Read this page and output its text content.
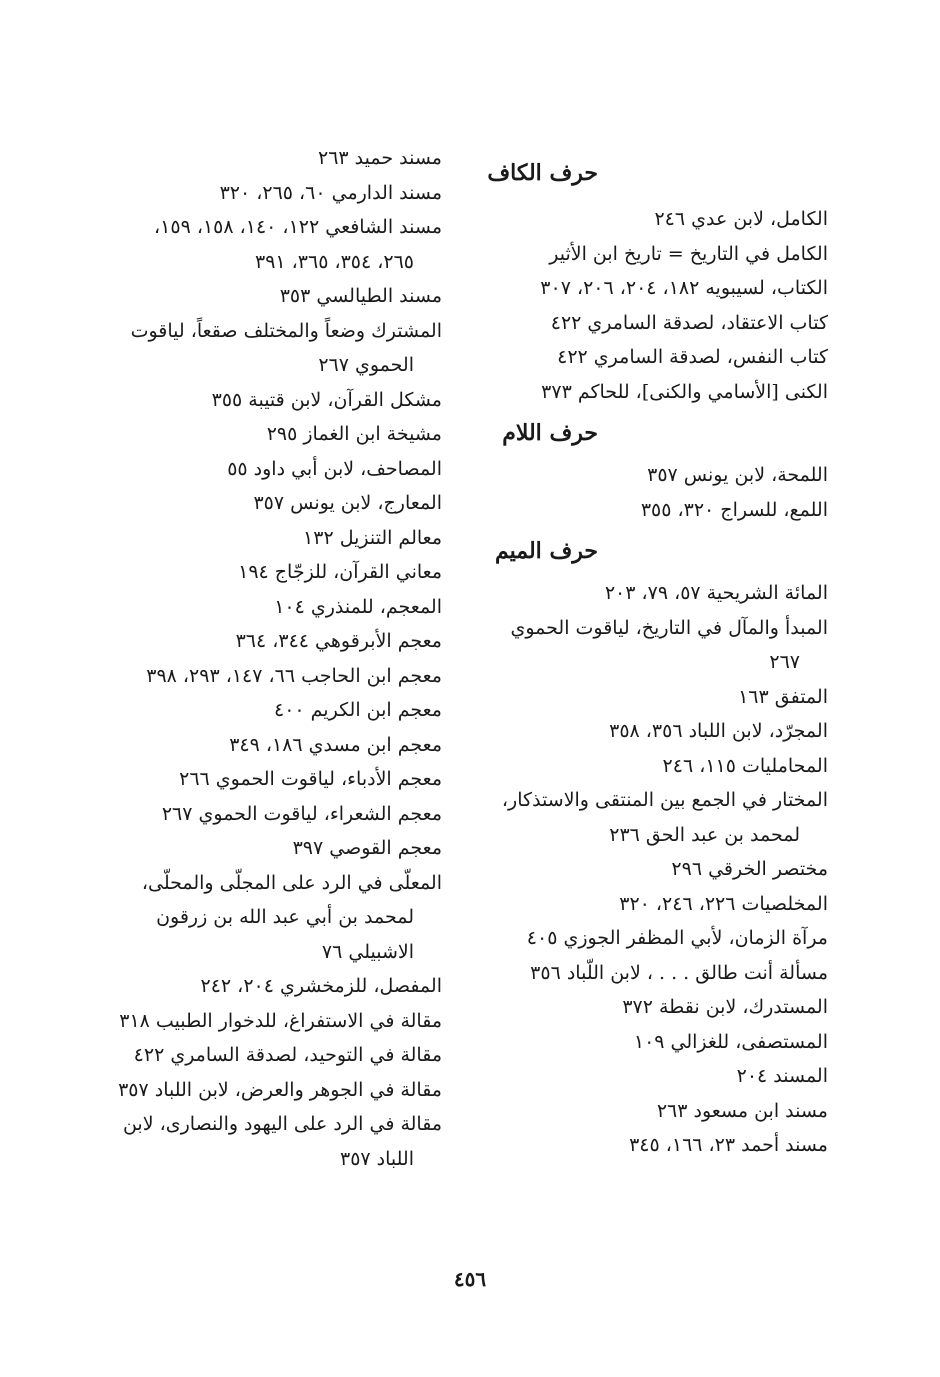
حرف الكاف

الكامل، لابن عدي ٢٤٦

الكامل في التاريخ = تاريخ ابن الأثير

الكتاب، لسيبويه ١٨٢، ٢٠٤، ٢٠٦، ٣٠٧

كتاب الاعتقاد، لصدقة السامري ٤٢٢

كتاب النفس، لصدقة السامري ٤٢٢

الكنى [الأسامي والكنى]، للحاكم ٣٧٣

حرف اللام

اللمحة، لابن يونس ٣٥٧

اللمع، للسراج ٣٢٠، ٣٥٥

حرف الميم

المائة الشريحية ٥٧، ٧٩، ٢٠٣

المبدأ والمآل في التاريخ، لياقوت الحموي

٢٦٧

المتفق ١٦٣

المجرّد، لابن اللباد ٣٥٦، ٣٥٨

المحامليات ١١٥، ٢٤٦

المختار في الجمع بين المنتقى والاستذكار،

لمحمد بن عبد الحق ٢٣٦

مختصر الخرقي ٢٩٦

المخلصيات ٢٢٦، ٢٤٦، ٣٢٠

مرآة الزمان، لأبي المظفر الجوزي ٤٠٥

مسألة أنت طالق . . . ، لابن اللّباد ٣٥٦

المستدرك، لابن نقطة ٣٧٢

المستصفى، للغزالي ١٠٩

المسند ٢٠٤

مسند ابن مسعود ٢٦٣

مسند أحمد ٢٣، ١٦٦، ٣٤٥

مسند حميد ٢٦٣

مسند الدارمي ٦٠، ٢٦٥، ٣٢٠

مسند الشافعي ١٢٢، ١٤٠، ١٥٨، ١٥٩،

٢٦٥، ٣٥٤، ٣٦٥، ٣٩١

مسند الطيالسي ٣٥٣

المشترك وضعاً والمختلف صقعاً، لياقوت

الحموي ٢٦٧

مشكل القرآن، لابن قتيبة ٣٥٥

مشيخة ابن الغماز ٢٩٥

المصاحف، لابن أبي داود ٥٥

المعارج، لابن يونس ٣٥٧

معالم التنزيل ١٣٢

معاني القرآن، للزجّاج ١٩٤

المعجم، للمنذري ١٠٤

معجم الأبرقوهي ٣٤٤، ٣٦٤

معجم ابن الحاجب ٦٦، ١٤٧، ٢٩٣، ٣٩٨

معجم ابن الكريم ٤٠٠

معجم ابن مسدي ١٨٦، ٣٤٩

معجم الأدباء، لياقوت الحموي ٢٦٦

معجم الشعراء، لياقوت الحموي ٢٦٧

معجم القوصي ٣٩٧

المعلّى في الرد على المجلّى والمحلّى،

لمحمد بن أبي عبد الله بن زرقون

الاشبيلي ٧٦

المفصل، للزمخشري ٢٠٤، ٢٤٢

مقالة في الاستفراغ، للدخوار الطبيب ٣١٨

مقالة في التوحيد، لصدقة السامري ٤٢٢

مقالة في الجوهر والعرض، لابن اللباد ٣٥٧

مقالة في الرد على اليهود والنصارى، لابن

اللباد ٣٥٧

٤٥٦
